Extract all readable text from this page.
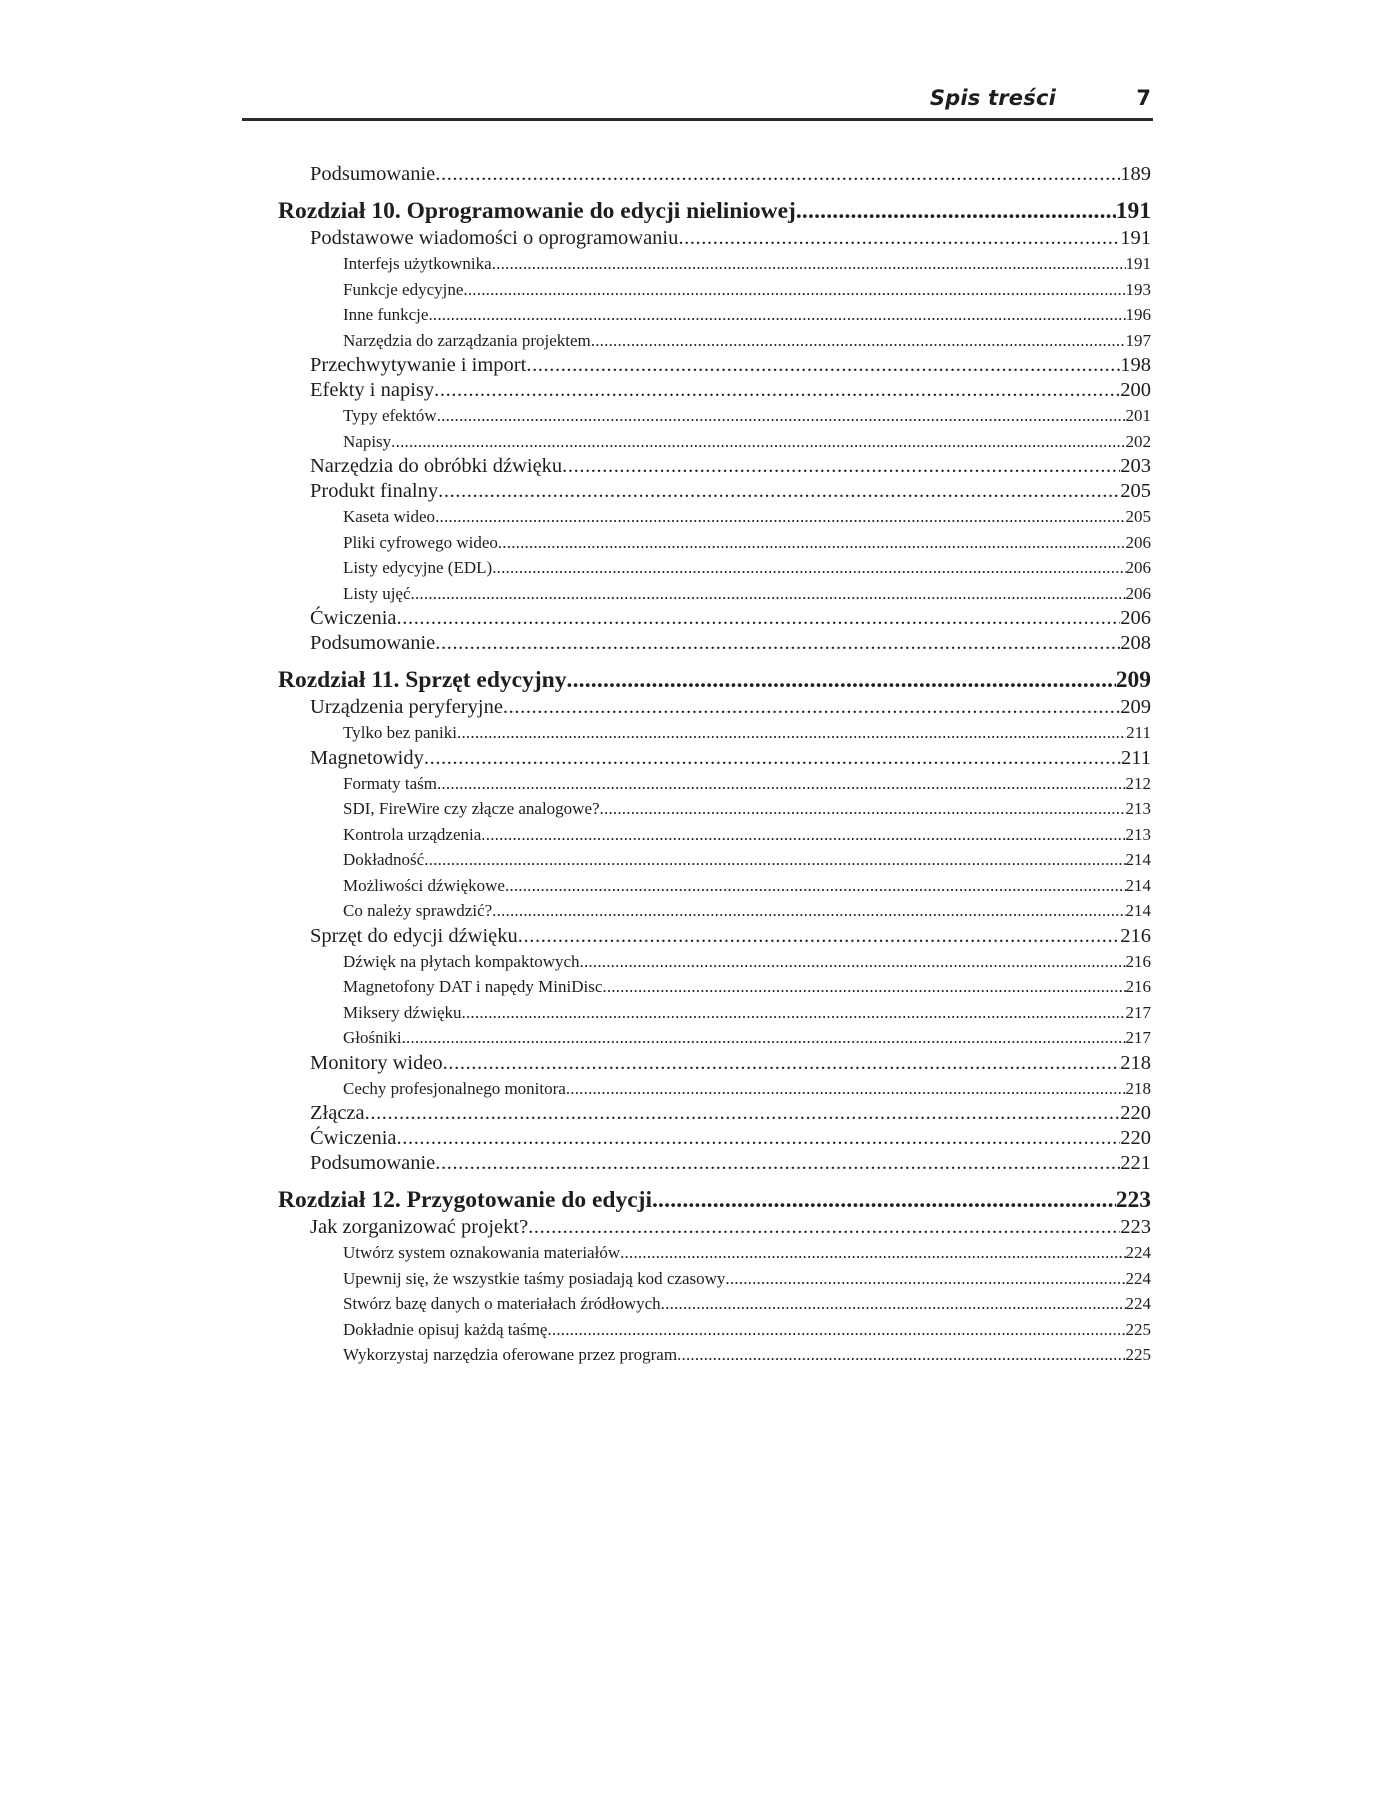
Spis treści	7
Podsumowanie .....	189
Rozdział 10. Oprogramowanie do edycji nieliniowej .....	191
Podstawowe wiadomości o oprogramowaniu .....	191
Interfejs użytkownika .....	191
Funkcje edycyjne .....	193
Inne funkcje .....	196
Narzędzia do zarządzania projektem .....	197
Przechwytywanie i import .....	198
Efekty i napisy .....	200
Typy efektów .....	201
Napisy .....	202
Narzędzia do obróbki dźwięku .....	203
Produkt finalny .....	205
Kaseta wideo .....	205
Pliki cyfrowego wideo .....	206
Listy edycyjne (EDL) .....	206
Listy ujęć .....	206
Ćwiczenia .....	206
Podsumowanie .....	208
Rozdział 11. Sprzęt edycyjny .....	209
Urządzenia peryferyjne .....	209
Tylko bez paniki .....	211
Magnetowidy .....	211
Formaty taśm .....	212
SDI, FireWire czy złącze analogowe? .....	213
Kontrola urządzenia .....	213
Dokładność .....	214
Możliwości dźwiękowe .....	214
Co należy sprawdzić? .....	214
Sprzęt do edycji dźwięku .....	216
Dźwięk na płytach kompaktowych .....	216
Magnetofony DAT i napędy MiniDisc .....	216
Miksery dźwięku .....	217
Głośniki .....	217
Monitory wideo .....	218
Cechy profesjonalnego monitora .....	218
Złącza .....	220
Ćwiczenia .....	220
Podsumowanie .....	221
Rozdział 12. Przygotowanie do edycji .....	223
Jak zorganizować projekt? .....	223
Utwórz system oznakowania materiałów .....	224
Upewnij się, że wszystkie taśmy posiadają kod czasowy .....	224
Stwórz bazę danych o materiałach źródłowych .....	224
Dokładnie opisuj każdą taśmę .....	225
Wykorzystaj narzędzia oferowane przez program .....	225
